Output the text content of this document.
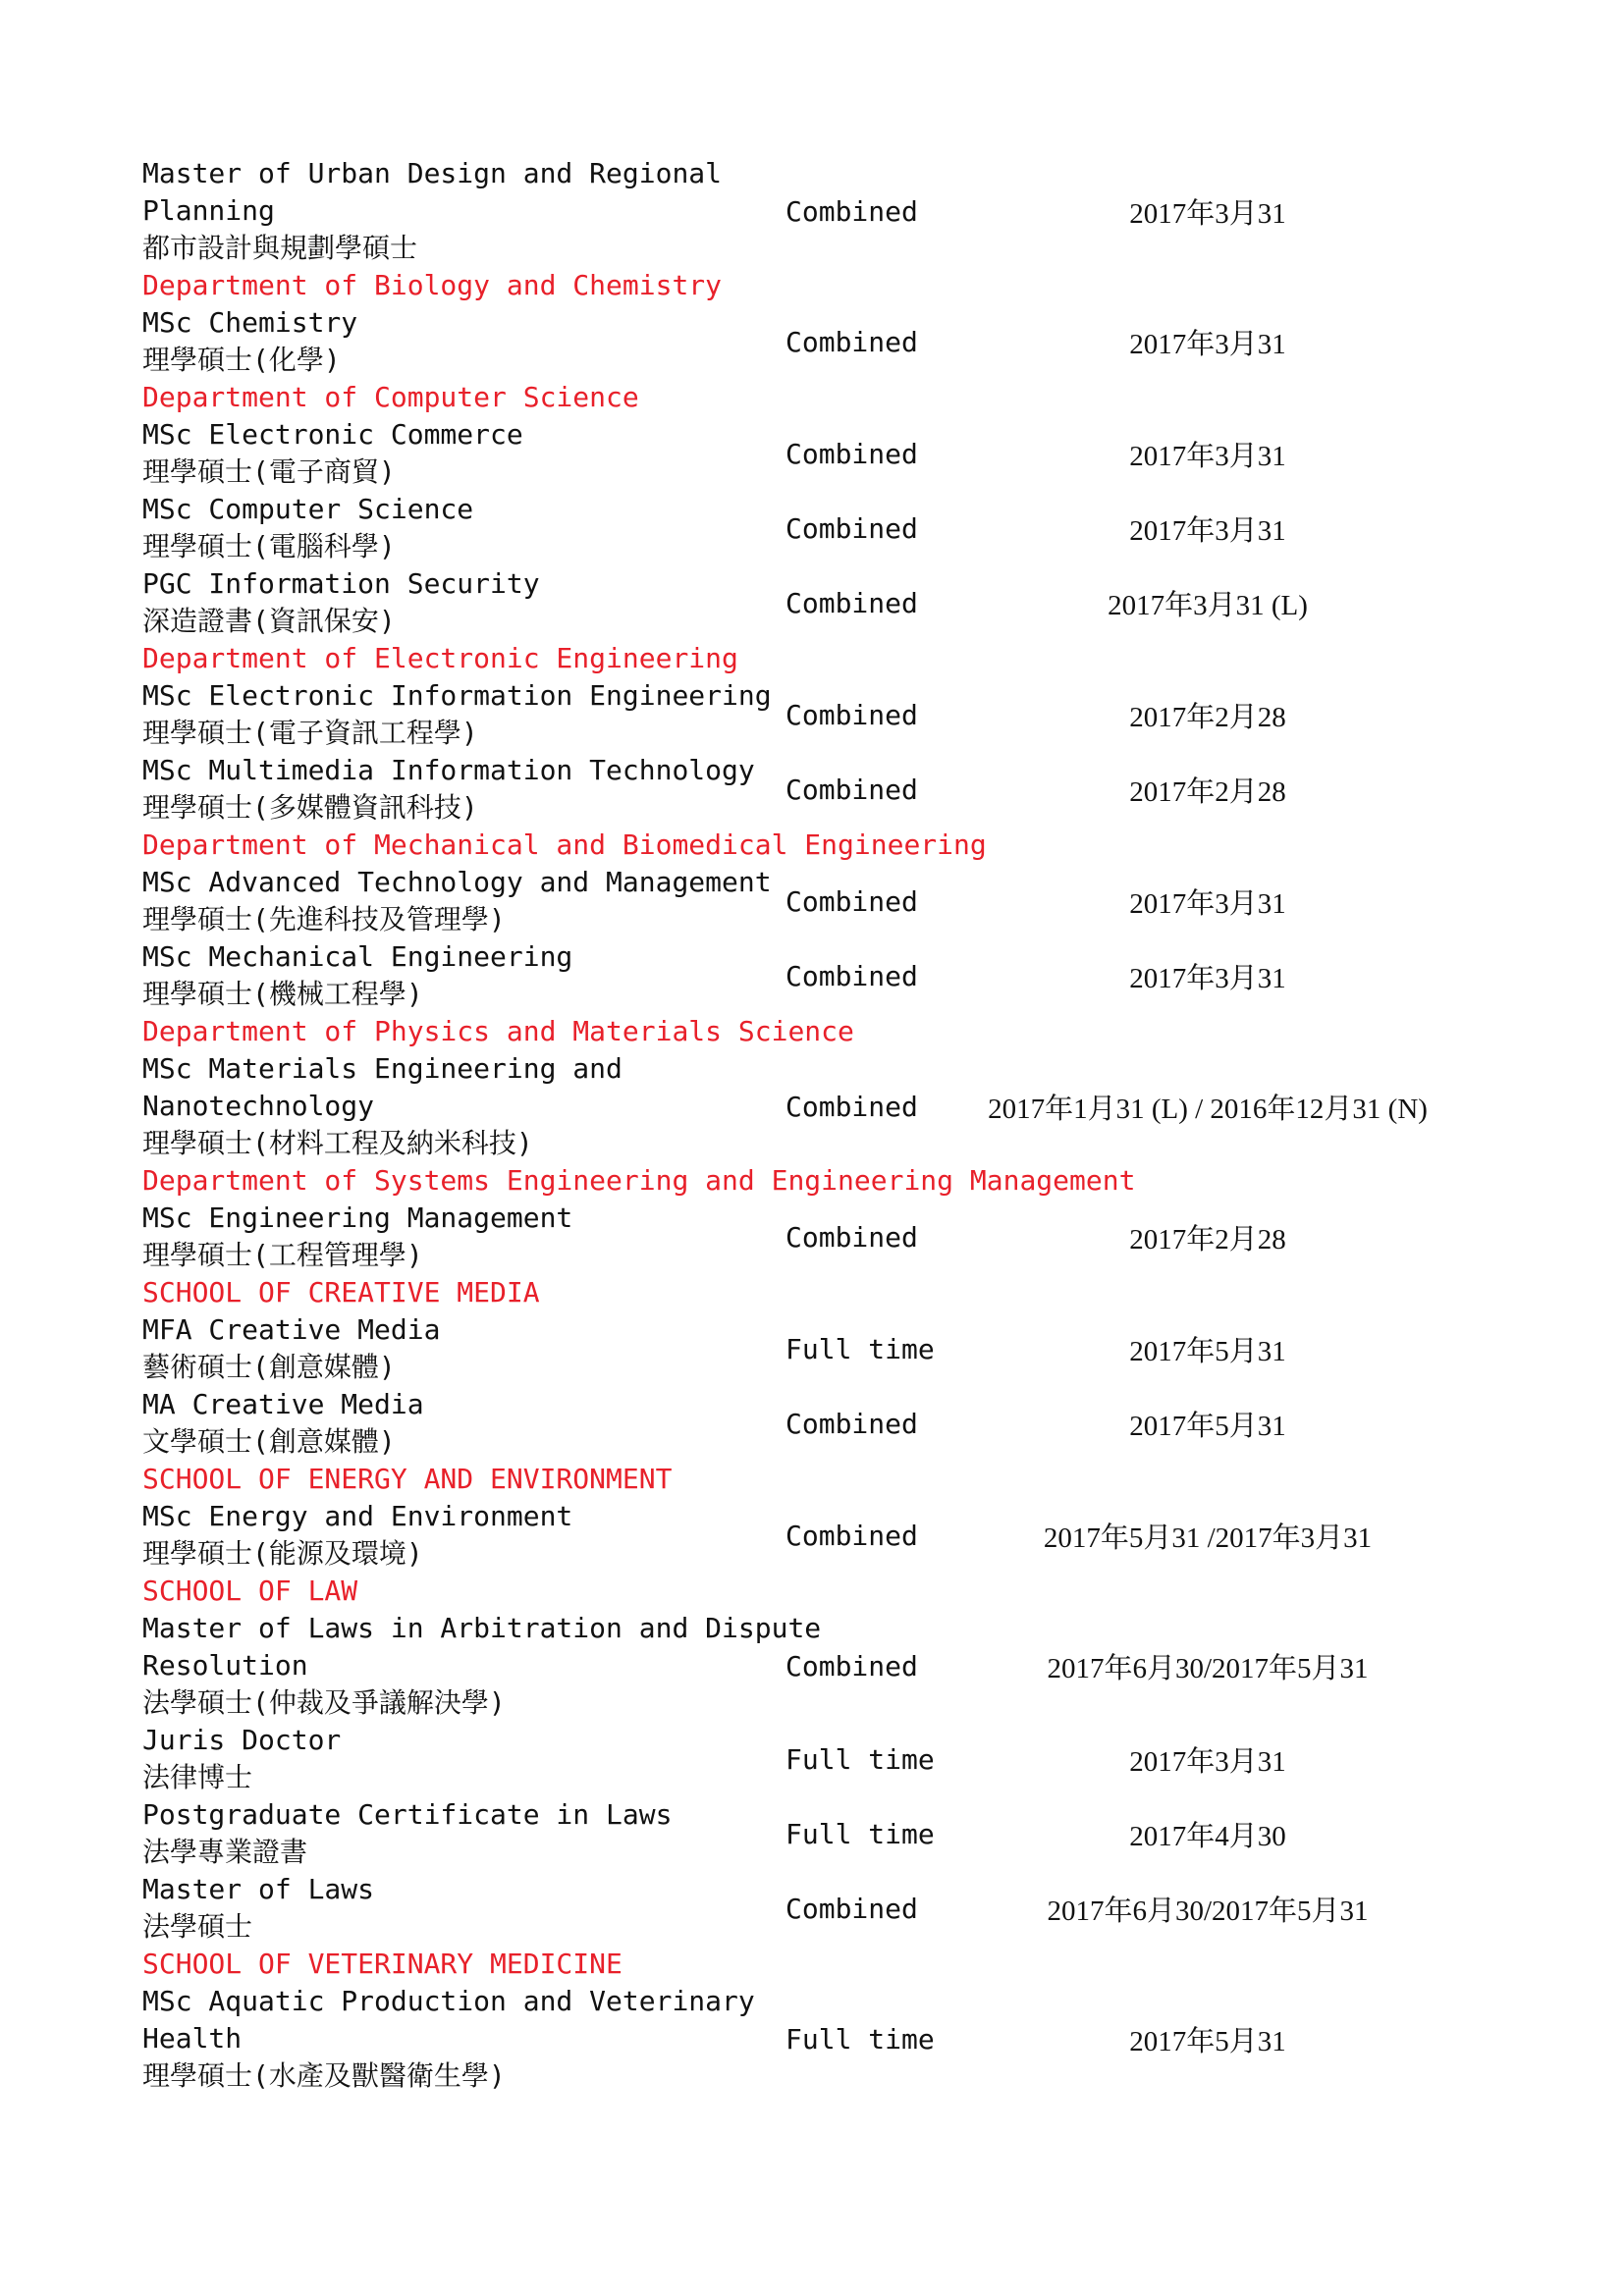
Master of Urban Design and Regional
Planning
都市設計與規劃學碩士
Combined	2017年3月31
Department of Biology and Chemistry
MSc Chemistry
理學碩士(化學)
Combined	2017年3月31
Department of Computer Science
MSc Electronic Commerce
理學碩士(電子商貿)
Combined	2017年3月31
MSc Computer Science
理學碩士(電腦科學)
Combined	2017年3月31
PGC Information Security
深造證書(資訊保安)
Combined	2017年3月31 (L)
Department of Electronic Engineering
MSc Electronic Information Engineering
理學碩士(電子資訊工程學)
Combined	2017年2月28
MSc Multimedia Information Technology
理學碩士(多媒體資訊科技)
Combined	2017年2月28
Department of Mechanical and Biomedical Engineering
MSc Advanced Technology and Management
理學碩士(先進科技及管理學)
Combined	2017年3月31
MSc Mechanical Engineering
理學碩士(機械工程學)
Combined	2017年3月31
Department of Physics and Materials Science
MSc Materials Engineering and
Nanotechnology
理學碩士(材料工程及納米科技)
Combined	2017年1月31 (L) / 2016年12月31 (N)
Department of Systems Engineering and Engineering Management
MSc Engineering Management
理學碩士(工程管理學)
Combined	2017年2月28
SCHOOL OF CREATIVE MEDIA
MFA Creative Media
藝術碩士(創意媒體)
Full time	2017年5月31
MA Creative Media
文學碩士(創意媒體)
Combined	2017年5月31
SCHOOL OF ENERGY AND ENVIRONMENT
MSc Energy and Environment
理學碩士(能源及環境)
Combined	2017年5月31 /2017年3月31
SCHOOL OF LAW
Master of Laws in Arbitration and Dispute
Resolution
法學碩士(仲裁及爭議解決學)
Combined	2017年6月30/2017年5月31
Juris Doctor
法律博士
Full time	2017年3月31
Postgraduate Certificate in Laws
法學專業證書
Full time	2017年4月30
Master of Laws
法學碩士
Combined	2017年6月30/2017年5月31
SCHOOL OF VETERINARY MEDICINE
MSc Aquatic Production and Veterinary
Health
理學碩士(水產及獸醫衛生學)
Full time	2017年5月31
